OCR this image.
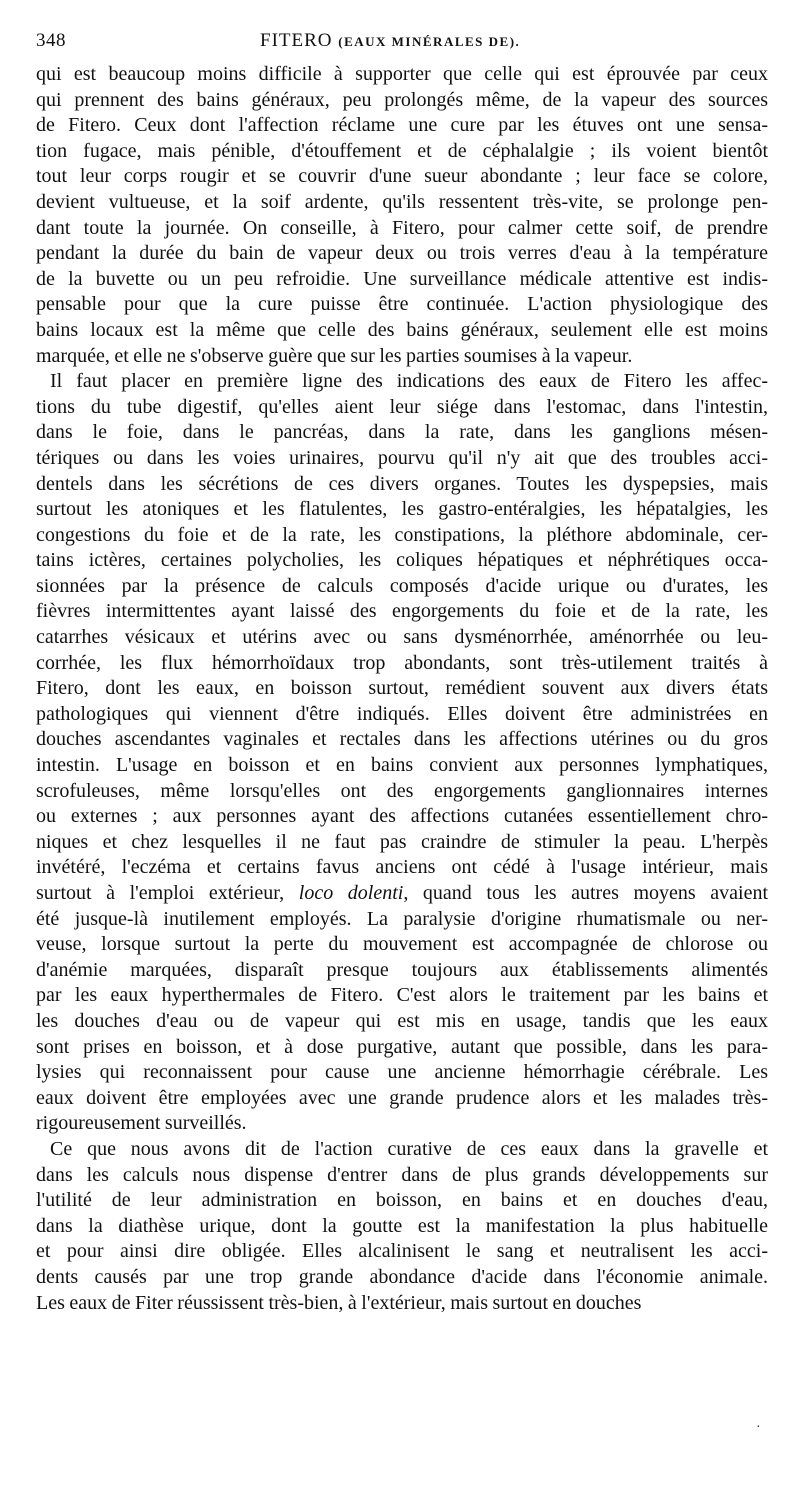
348	FITERO (EAUX MINÉRALES DE).
qui est beaucoup moins difficile à supporter que celle qui est éprouvée par ceux
qui prennent des bains généraux, peu prolongés même, de la vapeur des sources
de Fitero. Ceux dont l'affection réclame une cure par les étuves ont une sensa-
tion fugace, mais pénible, d'étouffement et de céphalalgie ; ils voient bientôt
tout leur corps rougir et se couvrir d'une sueur abondante ; leur face se colore,
devient vultueuse, et la soif ardente, qu'ils ressentent très-vite, se prolonge pen-
dant toute la journée. On conseille, à Fitero, pour calmer cette soif, de prendre
pendant la durée du bain de vapeur deux ou trois verres d'eau à la température
de la buvette ou un peu refroidie. Une surveillance médicale attentive est indis-
pensable pour que la cure puisse être continuée. L'action physiologique des
bains locaux est la même que celle des bains généraux, seulement elle est moins
marquée, et elle ne s'observe guère que sur les parties soumises à la vapeur.
Il faut placer en première ligne des indications des eaux de Fitero les affec-
tions du tube digestif, qu'elles aient leur siége dans l'estomac, dans l'intestin,
dans le foie, dans le pancréas, dans la rate, dans les ganglions mésen-
tériques ou dans les voies urinaires, pourvu qu'il n'y ait que des troubles acci-
dentels dans les sécrétions de ces divers organes. Toutes les dyspepsies, mais
surtout les atoniques et les flatulentes, les gastro-entéralgies, les hépatalgies, les
congestions du foie et de la rate, les constipations, la pléthore abdominale, cer-
tains ictères, certaines polycholies, les coliques hépatiques et néphrétiques occa-
sionnées par la présence de calculs composés d'acide urique ou d'urates, les
fièvres intermittentes ayant laissé des engorgements du foie et de la rate, les
catarrhes vésicaux et utérins avec ou sans dysménorrhée, aménorrhée ou leu-
corrhée, les flux hémorrhoïdaux trop abondants, sont très-utilement traités à
Fitero, dont les eaux, en boisson surtout, remédient souvent aux divers états
pathologiques qui viennent d'être indiqués. Elles doivent être administrées en
douches ascendantes vaginales et rectales dans les affections utérines ou du gros
intestin. L'usage en boisson et en bains convient aux personnes lymphatiques,
scrofuleuses, même lorsqu'elles ont des engorgements ganglionnaires internes
ou externes ; aux personnes ayant des affections cutanées essentiellement chro-
niques et chez lesquelles il ne faut pas craindre de stimuler la peau. L'herpès
invétéré, l'eczéma et certains favus anciens ont cédé à l'usage intérieur, mais
surtout à l'emploi extérieur, loco dolenti, quand tous les autres moyens avaient
été jusque-là inutilement employés. La paralysie d'origine rhumatismale ou ner-
veuse, lorsque surtout la perte du mouvement est accompagnée de chlorose ou
d'anémie marquées, disparaît presque toujours aux établissements alimentés
par les eaux hyperthermales de Fitero. C'est alors le traitement par les bains et
les douches d'eau ou de vapeur qui est mis en usage, tandis que les eaux
sont prises en boisson, et à dose purgative, autant que possible, dans les para-
lysies qui reconnaissent pour cause une ancienne hémorrhagie cérébrale. Les
eaux doivent être employées avec une grande prudence alors et les malades très-
rigoureusement surveillés.
Ce que nous avons dit de l'action curative de ces eaux dans la gravelle et
dans les calculs nous dispense d'entrer dans de plus grands développements sur
l'utilité de leur administration en boisson, en bains et en douches d'eau,
dans la diathèse urique, dont la goutte est la manifestation la plus habituelle
et pour ainsi dire obligée. Elles alcalinisent le sang et neutralisent les acci-
dents causés par une trop grande abondance d'acide dans l'économie animale.
Les eaux de Fiter réussissent très-bien, à l'extérieur, mais surtout en douches
·
